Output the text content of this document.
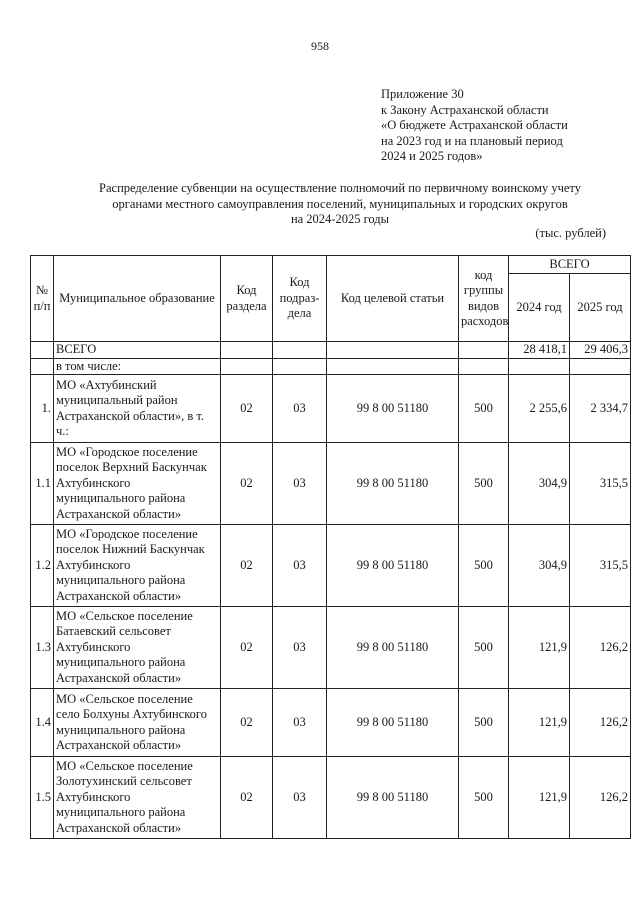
958
Приложение 30
к Закону Астраханской области
«О бюджете Астраханской области
на 2023 год и на плановый период
2024 и 2025 годов»
Распределение субвенции на осуществление полномочий по первичному воинскому учету
органами местного самоуправления поселений, муниципальных и городских округов
на 2024-2025 годы
(тыс. рублей)
№ п/п	Муниципальное образование	Код раздела	Код подраз-дела	Код целевой статьи	код группы видов расходов	ВСЕГО	
						2024 год	2025 год
	ВСЕГО					28 418,1	29 406,3
	в том числе:						
1.	МО «Ахтубинский муниципальный район Астраханской области», в т. ч.:	02	03	99 8 00 51180	500	2 255,6	2 334,7
1.1	МО «Городское поселение поселок Верхний Баскунчак Ахтубинского муниципального района Астраханской области»	02	03	99 8 00 51180	500	304,9	315,5
1.2	МО «Городское поселение поселок Нижний Баскунчак Ахтубинского муниципального района Астраханской области»	02	03	99 8 00 51180	500	304,9	315,5
1.3	МО «Сельское поселение Батаевский сельсовет Ахтубинского муниципального района Астраханской области»	02	03	99 8 00 51180	500	121,9	126,2
1.4	МО «Сельское поселение село Болхуны Ахтубинского муниципального района Астраханской области»	02	03	99 8 00 51180	500	121,9	126,2
1.5	МО «Сельское поселение Золотухинский сельсовет Ахтубинского муниципального района Астраханской области»	02	03	99 8 00 51180	500	121,9	126,2
